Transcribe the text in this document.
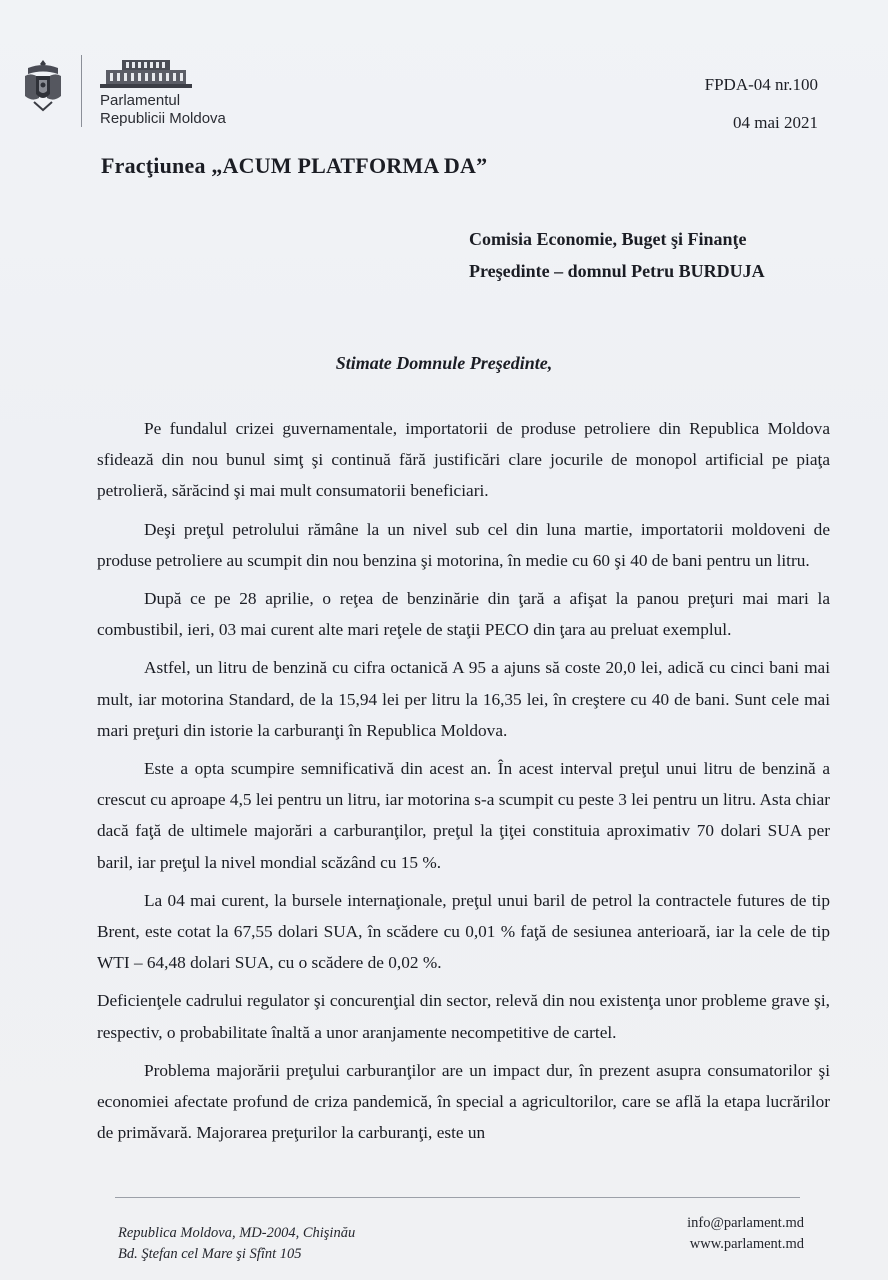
Parlamentul
Republicii Moldova
FPDA-04 nr.100
04 mai 2021
Fracţiunea „ACUM PLATFORMA DA”
Comisia Economie, Buget şi Finanţe
Preşedinte – domnul Petru BURDUJA
Stimate Domnule Preşedinte,

Pe fundalul crizei guvernamentale, importatorii de produse petroliere din Republica Moldova sfidează din nou bunul simţ şi continuă fără justificări clare jocurile de monopol artificial pe piaţa petrolieră, sărăcind şi mai mult consumatorii beneficiari.

Deşi preţul petrolului rămâne la un nivel sub cel din luna martie, importatorii moldoveni de produse petroliere au scumpit din nou benzina şi motorina, în medie cu 60 şi 40 de bani pentru un litru.

După ce pe 28 aprilie, o reţea de benzinărie din ţară a afişat la panou preţuri mai mari la combustibil, ieri, 03 mai curent alte mari reţele de staţii PECO din ţara au preluat exemplul.

Astfel, un litru de benzină cu cifra octanică A 95 a ajuns să coste 20,0 lei, adică cu cinci bani mai mult, iar motorina Standard, de la 15,94 lei per litru la 16,35 lei, în creştere cu 40 de bani. Sunt cele mai mari preţuri din istorie la carburanţi în Republica Moldova.

Este a opta scumpire semnificativă din acest an. În acest interval preţul unui litru de benzină a crescut cu aproape 4,5 lei pentru un litru, iar motorina s-a scumpit cu peste 3 lei pentru un litru. Asta chiar dacă faţă de ultimele majorări a carburanţilor, preţul la ţiţei constituia aproximativ 70 dolari SUA per baril, iar preţul la nivel mondial scăzând cu 15 %.

La 04 mai curent, la bursele internaţionale, preţul unui baril de petrol la contractele futures de tip Brent, este cotat la 67,55 dolari SUA, în scădere cu 0,01 % faţă de sesiunea anterioară, iar la cele de tip WTI – 64,48 dolari SUA, cu o scădere de 0,02 %.

Deficienţele cadrului regulator şi concurenţial din sector, relevă din nou existenţa unor probleme grave şi, respectiv, o probabilitate înaltă a unor aranjamente necompetitive de cartel.

Problema majorării preţului carburanţilor are un impact dur, în prezent asupra consumatorilor şi economiei afectate profund de criza pandemică, în special a agricultorilor, care se află la etapa lucrărilor de primăvară. Majorarea preţurilor la carburanţi, este un

Republica Moldova, MD-2004, Chişinău
Bd. Ştefan cel Mare şi Sfînt 105
info@parlament.md
www.parlament.md
